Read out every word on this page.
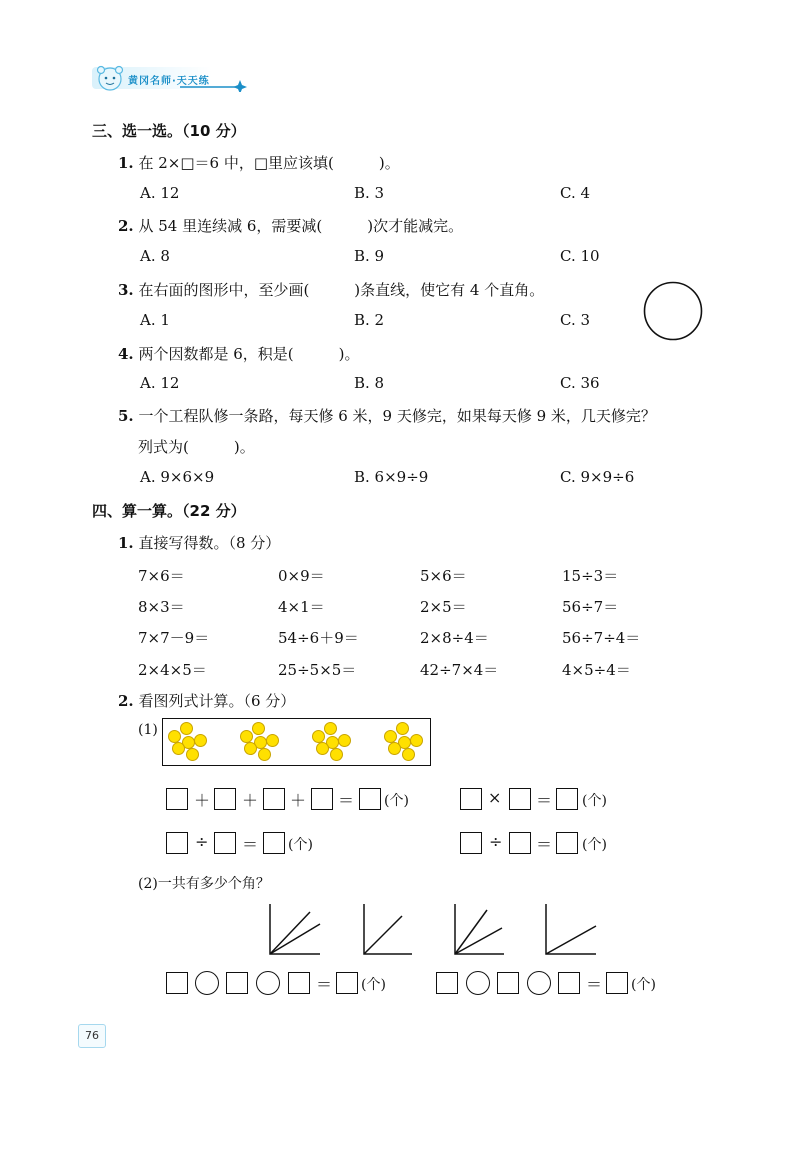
黄冈名师·天天练
三、选一选。（10 分）
1. 在 2×□＝6 中，□里应该填(　　　)。
A. 12	B. 3	C. 4
2. 从 54 里连续减 6，需要减(　　　)次才能减完。
A. 8	B. 9	C. 10
3. 在右面的图形中，至少画(　　　)条直线，使它有 4 个直角。
A. 1	B. 2	C. 3
4. 两个因数都是 6，积是(　　　)。
A. 12	B. 8	C. 36
5. 一个工程队修一条路，每天修 6 米，9 天修完，如果每天修 9 米，几天修完？
列式为(　　　)。
A. 9×6×9	B. 6×9÷9	C. 9×9÷6
四、算一算。（22 分）
1. 直接写得数。（8 分）
7×6＝	0×9＝	5×6＝	15÷3＝
8×3＝	4×1＝	2×5＝	56÷7＝
7×7－9＝	54÷6＋9＝	2×8÷4＝	56÷7÷4＝
2×4×5＝	25÷5×5＝	42÷7×4＝	4×5÷4＝
2. 看图列式计算。（6 分）
(1)
＋ ＋ ＋ ＝ (个)	× ＝ (个)
÷ ＝ (个)	÷ ＝ (个)
(2)一共有多少个角？
＝ (个)	＝ (个)
76
